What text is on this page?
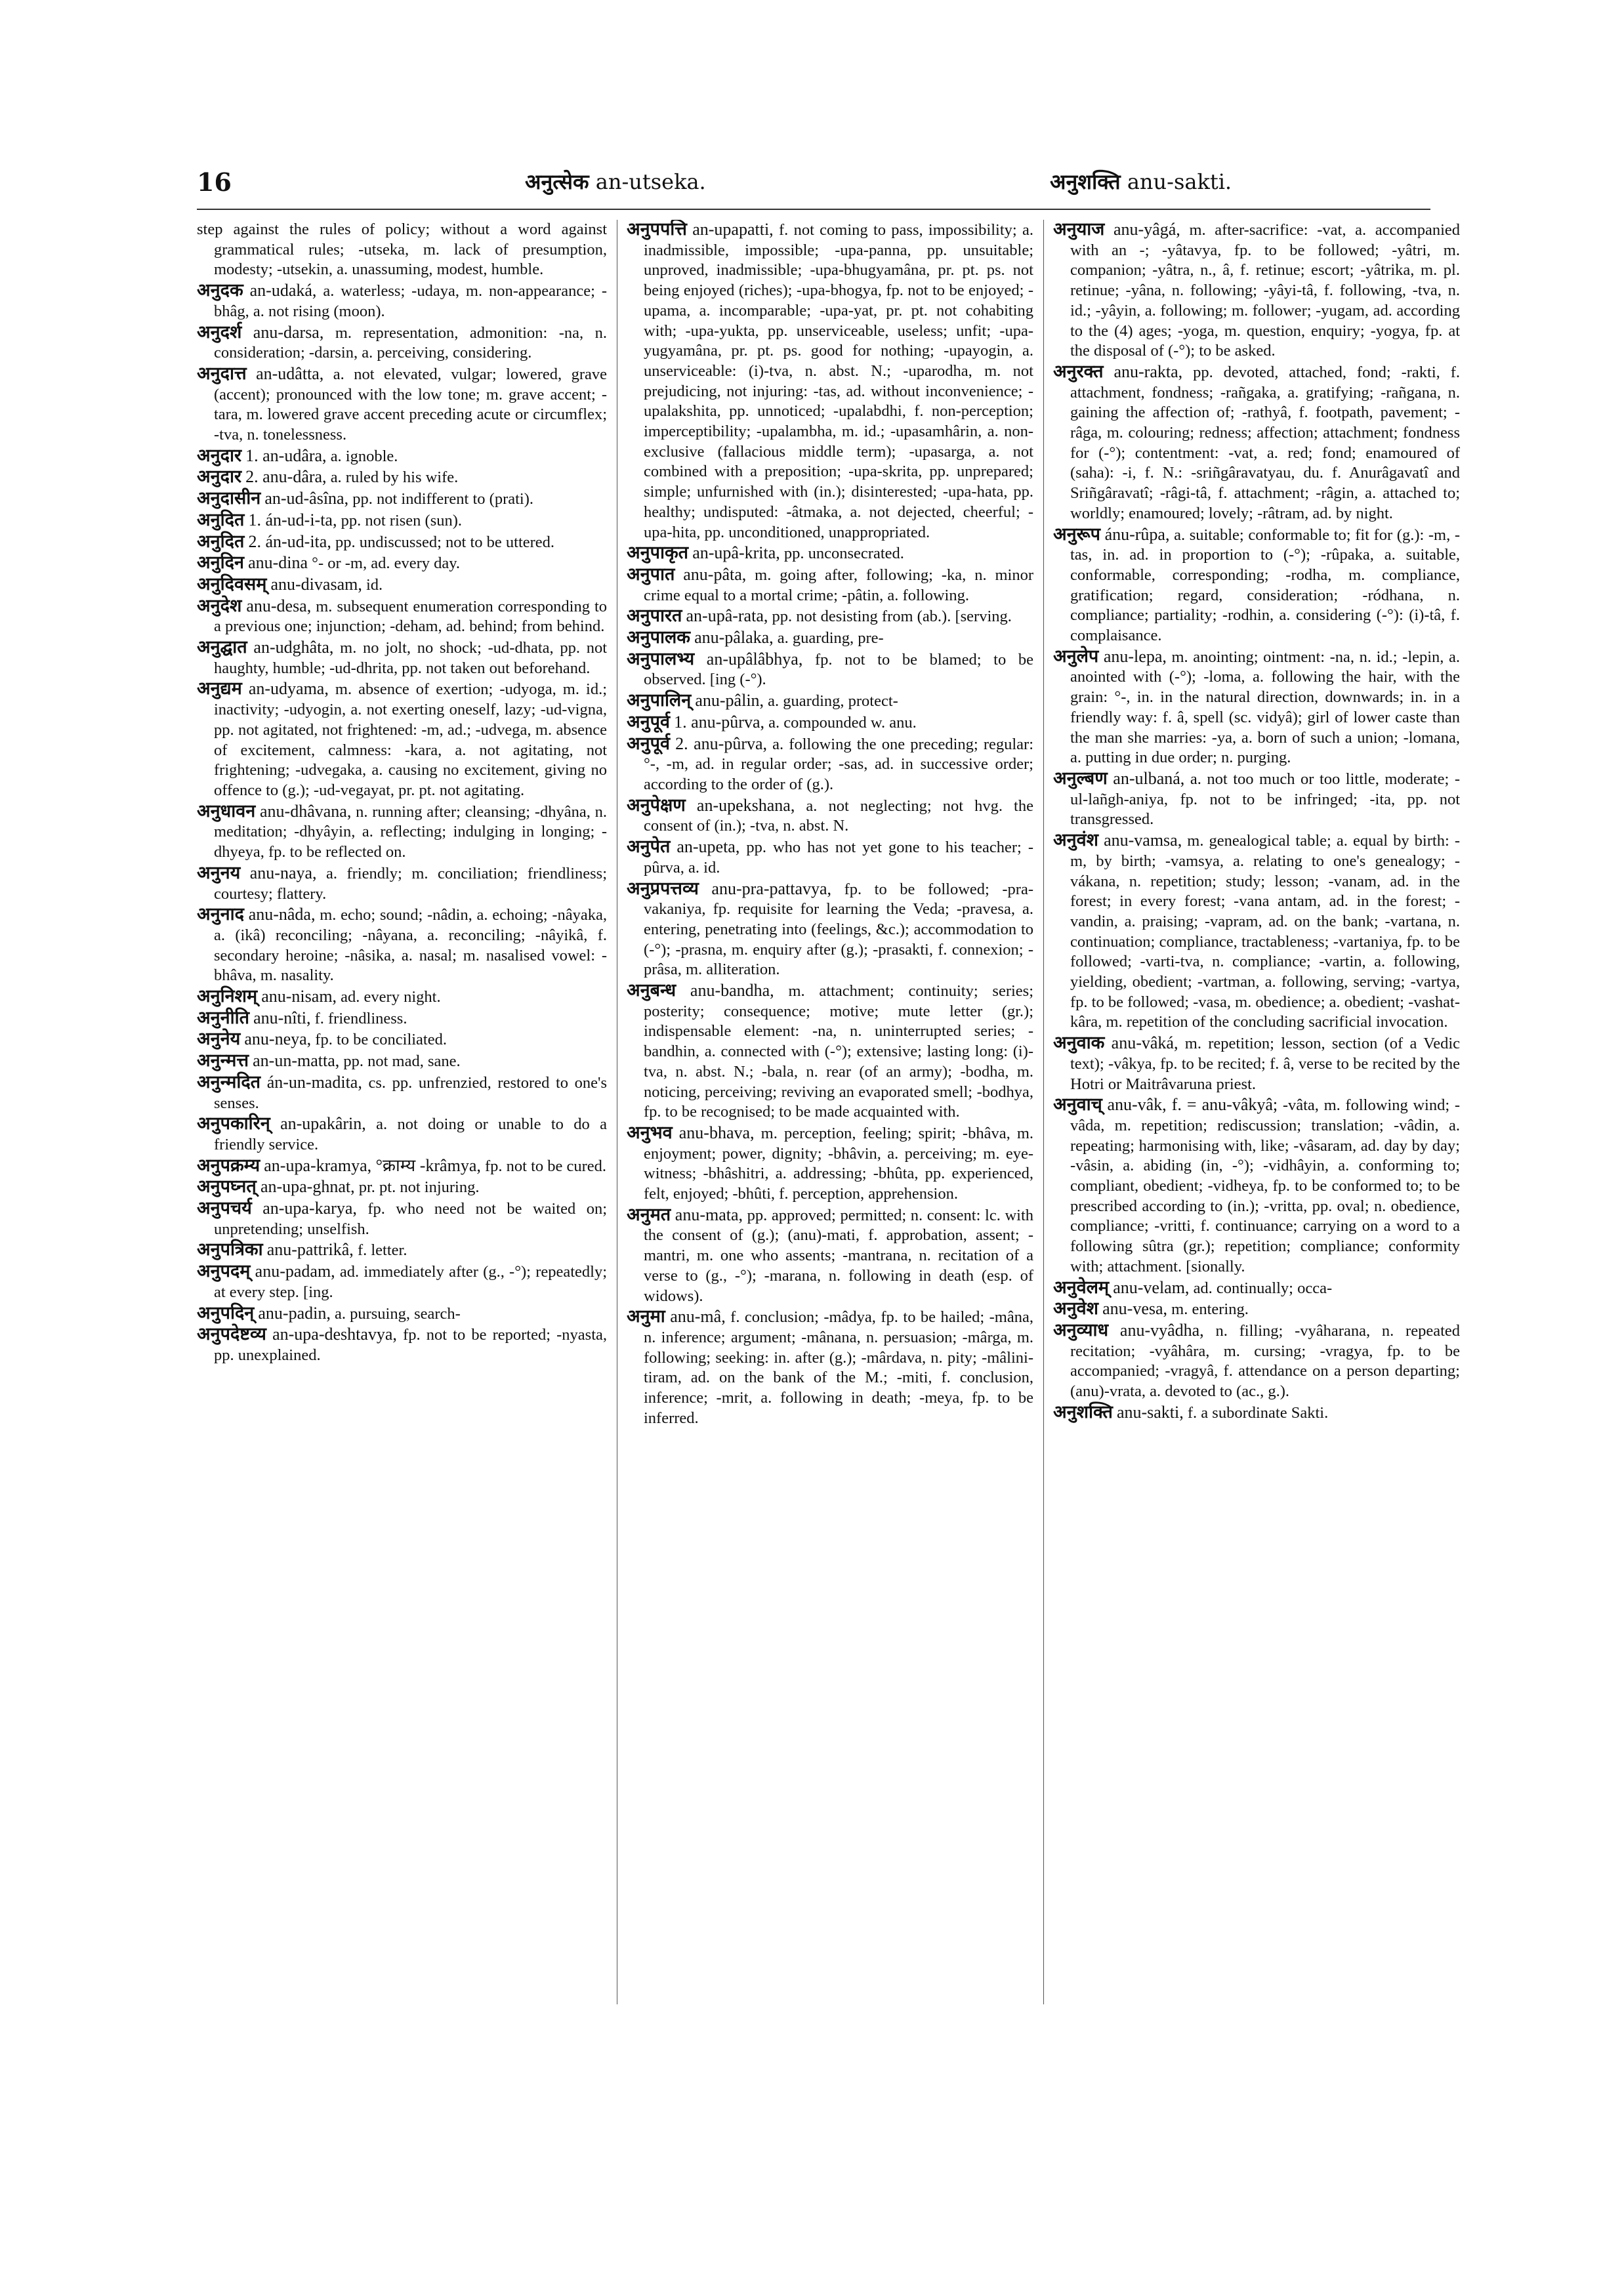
16	अनुत्सेक an-utseka.	अनुशक्ति anu-sakti.

step against the rules of policy; without a word against grammatical rules; -utseka, m. lack of presumption, modesty; -utsekin, a. unassuming, modest, humble.

अनुदक an-udaká, a. waterless; -udaya, m. non-appearance; -bhâg, a. not rising (moon).

अनुदर्श anu-darsa, m. representation, admonition: -na, n. consideration; -darsin, a. perceiving, considering.

अनुदात्त an-udâtta, a. not elevated, vulgar; lowered, grave (accent); pronounced with the low tone; m. grave accent; -tara, m. lowered grave accent preceding acute or circumflex; -tva, n. tonelessness.

अनुदार 1. an-udâra, a. ignoble.

अनुदार 2. anu-dâra, a. ruled by his wife.

अनुदासीन an-ud-âsîna, pp. not indifferent to (prati).

अनुदित 1. án-ud-i-ta, pp. not risen (sun).

अनुदित 2. án-ud-ita, pp. undiscussed; not to be uttered.

अनुदिन anu-dina °- or -m, ad. every day.

अनुदिवसम् anu-divasam, id.

अनुदेश anu-desa, m. subsequent enumeration corresponding to a previous one; injunction; -deham, ad. behind; from behind.

अनुद्घात an-udghâta, m. no jolt, no shock; -ud-dhata, pp. not haughty, humble; -ud-dhrita, pp. not taken out beforehand.

अनुद्यम an-udyama, m. absence of exertion; -udyoga, m. id.; inactivity; -udyogin, a. not exerting oneself, lazy; -ud-vigna, pp. not agitated, not frightened: -m, ad.; -udvega, m. absence of excitement, calmness: -kara, a. not agitating, not frightening; -udvegaka, a. causing no excitement, giving no offence to (g.); -ud-vegayat, pr. pt. not agitating.

अनुधावन anu-dhâvana, n. running after; cleansing; -dhyâna, n. meditation; -dhyâyin, a. reflecting; indulging in longing; -dhyeya, fp. to be reflected on.

अनुनय anu-naya, a. friendly; m. conciliation; friendliness; courtesy; flattery.

अनुनाद anu-nâda, m. echo; sound; -nâdin, a. echoing; -nâyaka, a. (ikâ) reconciling; -nâyana, a. reconciling; -nâyikâ, f. secondary heroine; -nâsika, a. nasal; m. nasalised vowel: -bhâva, m. nasality.

अनुनिशम् anu-nisam, ad. every night.

अनुनीति anu-nîti, f. friendliness.

अनुनेय anu-neya, fp. to be conciliated.

अनुन्मत्त an-un-matta, pp. not mad, sane.

अनुन्मदित án-un-madita, cs. pp. unfrenzied, restored to one's senses.

अनुपकारिन् an-upakârin, a. not doing or unable to do a friendly service.

अनुपक्रम्य an-upa-kramya, °क्राम्य -krâmya, fp. not to be cured.

अनुपघ्नत् an-upa-ghnat, pr. pt. not injuring.

अनुपचर्य an-upa-karya, fp. who need not be waited on; unpretending; unselfish.

अनुपत्रिका anu-pattrikâ, f. letter.

अनुपदम् anu-padam, ad. immediately after (g., -°); repeatedly; at every step. [ing.

अनुपदिन् anu-padin, a. pursuing, search-

अनुपदेष्टव्य an-upa-deshtavya, fp. not to be reported; -nyasta, pp. unexplained.

अनुपपत्ति an-upapatti, f. not coming to pass, impossibility; a. inadmissible, impossible; -upa-panna, pp. unsuitable; unproved, inadmissible; -upa-bhugyamâna, pr. pt. ps. not being enjoyed (riches); -upa-bhogya, fp. not to be enjoyed; -upama, a. incomparable; -upa-yat, pr. pt. not cohabiting with; -upa-yukta, pp. unserviceable, useless; unfit; -upa-yugyamâna, pr. pt. ps. good for nothing; -upayogin, a. unserviceable: (i)-tva, n. abst. N.; -uparodha, m. not prejudicing, not injuring: -tas, ad. without inconvenience; -upalakshita, pp. unnoticed; -upalabdhi, f. non-perception; imperceptibility; -upalambha, m. id.; -upasamhârin, a. non-exclusive (fallacious middle term); -upasarga, a. not combined with a preposition; -upa-skrita, pp. unprepared; simple; unfurnished with (in.); disinterested; -upa-hata, pp. healthy; undisputed: -âtmaka, a. not dejected, cheerful; -upa-hita, pp. unconditioned, unappropriated.

अनुपाकृत an-upâ-krita, pp. unconsecrated.

अनुपात anu-pâta, m. going after, following; -ka, n. minor crime equal to a mortal crime; -pâtin, a. following.

अनुपारत an-upâ-rata, pp. not desisting from (ab.). [serving.

अनुपालक anu-pâlaka, a. guarding, pre-

अनुपालभ्य an-upâlâbhya, fp. not to be blamed; to be observed. [ing (-°).

अनुपालिन् anu-pâlin, a. guarding, protect-

अनुपूर्व 1. anu-pûrva, a. compounded w. anu.

अनुपूर्व 2. anu-pûrva, a. following the one preceding; regular: °-, -m, ad. in regular order; -sas, ad. in successive order; according to the order of (g.).

अनुपेक्षण an-upekshana, a. not neglecting; not hvg. the consent of (in.); -tva, n. abst. N.

अनुपेत an-upeta, pp. who has not yet gone to his teacher; -pûrva, a. id.

अनुप्रपत्तव्य anu-pra-pattavya, fp. to be followed; -pra-vakaniya, fp. requisite for learning the Veda; -pravesa, a. entering, penetrating into (feelings, &c.); accommodation to (-°); -prasna, m. enquiry after (g.); -prasakti, f. connexion; -prâsa, m. alliteration.

अनुबन्ध anu-bandha, m. attachment; continuity; series; posterity; consequence; motive; mute letter (gr.); indispensable element: -na, n. uninterrupted series; -bandhin, a. connected with (-°); extensive; lasting long: (i)-tva, n. abst. N.; -bala, n. rear (of an army); -bodha, m. noticing, perceiving; reviving an evaporated smell; -bodhya, fp. to be recognised; to be made acquainted with.

अनुभव anu-bhava, m. perception, feeling; spirit; -bhâva, m. enjoyment; power, dignity; -bhâvin, a. perceiving; m. eye-witness; -bhâshitri, a. addressing; -bhûta, pp. experienced, felt, enjoyed; -bhûti, f. perception, apprehension.

अनुमत anu-mata, pp. approved; permitted; n. consent: lc. with the consent of (g.); (anu)-mati, f. approbation, assent; -mantri, m. one who assents; -mantrana, n. recitation of a verse to (g., -°); -marana, n. following in death (esp. of widows).

अनुमा anu-mâ, f. conclusion; -mâdya, fp. to be hailed; -mâna, n. inference; argument; -mânana, n. persuasion; -mârga, m. following; seeking: in. after (g.); -mârdava, n. pity; -mâlini-tiram, ad. on the bank of the M.; -miti, f. conclusion, inference; -mrit, a. following in death; -meya, fp. to be inferred.

अनुयाज anu-yâgá, m. after-sacrifice: -vat, a. accompanied with an -; -yâtavya, fp. to be followed; -yâtri, m. companion; -yâtra, n., â, f. retinue; escort; -yâtrika, m. pl. retinue; -yâna, n. following; -yâyi-tâ, f. following, -tva, n. id.; -yâyin, a. following; m. follower; -yugam, ad. according to the (4) ages; -yoga, m. question, enquiry; -yogya, fp. at the disposal of (-°); to be asked.

अनुरक्त anu-rakta, pp. devoted, attached, fond; -rakti, f. attachment, fondness; -rañgaka, a. gratifying; -rañgana, n. gaining the affection of; -rathyâ, f. footpath, pavement; -râga, m. colouring; redness; affection; attachment; fondness for (-°); contentment: -vat, a. red; fond; enamoured of (saha): -i, f. N.: -sriñgâravatyau, du. f. Anurâgavatî and Sriñgâravatî; -râgi-tâ, f. attachment; -râgin, a. attached to; worldly; enamoured; lovely; -râtram, ad. by night.

अनुरूप ánu-rûpa, a. suitable; conformable to; fit for (g.): -m, -tas, in. ad. in proportion to (-°); -rûpaka, a. suitable, conformable, corresponding; -rodha, m. compliance, gratification; regard, consideration; -ródhana, n. compliance; partiality; -rodhin, a. considering (-°): (i)-tâ, f. complaisance.

अनुलेप anu-lepa, m. anointing; ointment: -na, n. id.; -lepin, a. anointed with (-°); -loma, a. following the hair, with the grain: °-, in. in the natural direction, downwards; in. in a friendly way: f. â, spell (sc. vidyâ); girl of lower caste than the man she marries: -ya, a. born of such a union; -lomana, a. putting in due order; n. purging.

अनुल्बण an-ulbaná, a. not too much or too little, moderate; -ul-lañgh-aniya, fp. not to be infringed; -ita, pp. not transgressed.

अनुवंश anu-vamsa, m. genealogical table; a. equal by birth: -m, by birth; -vamsya, a. relating to one's genealogy; -vákana, n. repetition; study; lesson; -vanam, ad. in the forest; in every forest; -vana antam, ad. in the forest; -vandin, a. praising; -vapram, ad. on the bank; -vartana, n. continuation; compliance, tractableness; -vartaniya, fp. to be followed; -varti-tva, n. compliance; -vartin, a. following, yielding, obedient; -vartman, a. following, serving; -vartya, fp. to be followed; -vasa, m. obedience; a. obedient; -vashat-kâra, m. repetition of the concluding sacrificial invocation.

अनुवाक anu-vâká, m. repetition; lesson, section (of a Vedic text); -vâkya, fp. to be recited; f. â, verse to be recited by the Hotri or Maitrâvaruna priest.

अनुवाच् anu-vâk, f. = anu-vâkyâ; -vâta, m. following wind; -vâda, m. repetition; rediscussion; translation; -vâdin, a. repeating; harmonising with, like; -vâsaram, ad. day by day; -vâsin, a. abiding (in, -°); -vidhâyin, a. conforming to; compliant, obedient; -vidheya, fp. to be conformed to; to be prescribed according to (in.); -vritta, pp. oval; n. obedience, compliance; -vritti, f. continuance; carrying on a word to a following sûtra (gr.); repetition; compliance; conformity with; attachment. [sionally.

अनुवेलम् anu-velam, ad. continually; occa-

अनुवेश anu-vesa, m. entering.

अनुव्याध anu-vyâdha, n. filling; -vyâharana, n. repeated recitation; -vyâhâra, m. cursing; -vragya, fp. to be accompanied; -vragyâ, f. attendance on a person departing; (anu)-vrata, a. devoted to (ac., g.).

अनुशक्ति anu-sakti, f. a subordinate Sakti.
